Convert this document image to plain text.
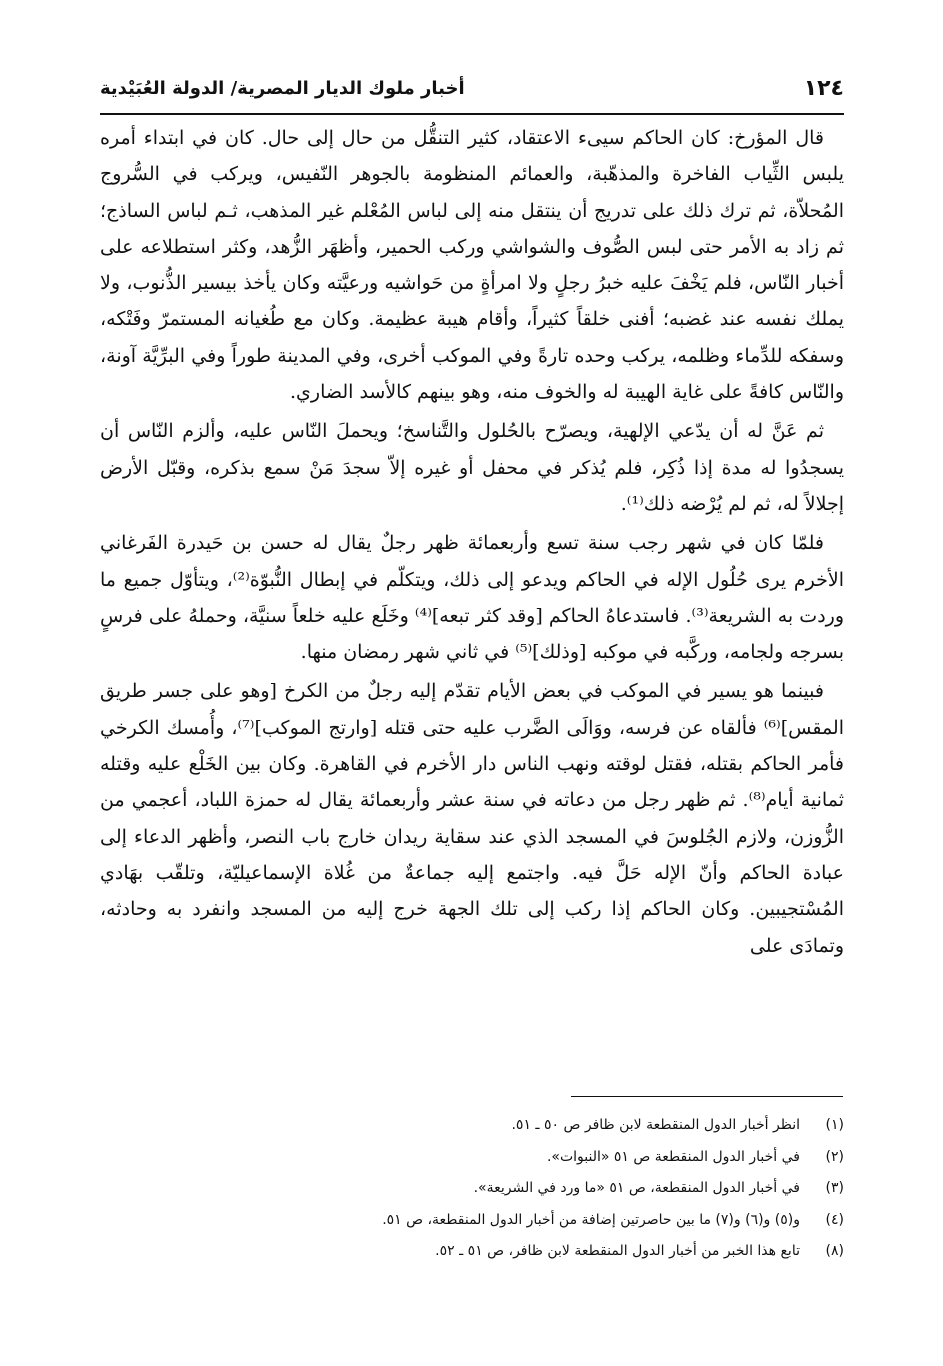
١٢٤
أخبار ملوك الديار المصرية/ الدولة العُبَيْدية

قال المؤرخ: كان الحاكم سيىء الاعتقاد، كثير التنقُّل من حال إلى حال. كان في ابتداء أمره يلبس الثِّياب الفاخرة والمذهّبة، والعمائم المنظومة بالجوهر النّفيس، ويركب في السُّروج المُحلاّة، ثم ترك ذلك على تدريج أن ينتقل منه إلى لباس المُعْلم غير المذهب، ثـم لباس الساذج؛ ثم زاد به الأمر حتى لبس الصُّوف والشواشي وركب الحمير، وأظهَر الزُّهد، وكثر استطلاعه على أخبار النّاس، فلم يَخْفَ عليه خبرُ رجلٍ ولا امرأةٍ من حَواشيه ورعيَّته وكان يأخذ بيسير الذُّنوب، ولا يملك نفسه عند غضبه؛ أفنى خلقاً كثيراً، وأقام هيبة عظيمة. وكان مع طُغيانه المستمرّ وفَتْكه، وسفكه للدِّماء وظلمه، يركب وحده تارةً وفي الموكب أخرى، وفي المدينة طوراً وفي البرِّيَّة آونة، والنّاس كافةً على غاية الهيبة له والخوف منه، وهو بينهم كالأسد الضاري.

ثم عَنَّ له أن يدّعي الإلهية، ويصرّح بالحُلول والتَّناسخ؛ ويحملَ النّاس عليه، وألزم النّاس أن يسجدُوا له مدة إذا ذُكِر، فلم يُذكر في محفل أو غيره إلاّ سجدَ مَنْ سمع بذكره، وقبّل الأرض إجلالاً له، ثم لم يُرْضه ذلك⁽¹⁾.

فلمّا كان في شهر رجب سنة تسع وأربعمائة ظهر رجلٌ يقال له حسن بن حَيدرة الفَرغاني الأخرم يرى حُلُول الإله في الحاكم ويدعو إلى ذلك، ويتكلّم في إبطال النُّبوّة⁽²⁾، ويتأوّل جميع ما وردت به الشريعة⁽³⁾. فاستدعاهُ الحاكم [وقد كثر تبعه]⁽⁴⁾ وخَلَع عليه خلعاً سنيَّة، وحملهُ على فرسٍ بسرجه ولجامه، وركَّبه في موكبه [وذلك]⁽⁵⁾ في ثاني شهر رمضان منها.

فبينما هو يسير في الموكب في بعض الأيام تقدّم إليه رجلٌ من الكرخ [وهو على جسر طريق المقس]⁽⁶⁾ فألقاه عن فرسه، ووَالَى الضَّرب عليه حتى قتله [وارتج الموكب]⁽⁷⁾، وأُمسك الكرخي فأمر الحاكم بقتله، فقتل لوقته ونهب الناس دار الأخرم في القاهرة. وكان بين الخَلْع عليه وقتله ثمانية أيام⁽⁸⁾. ثم ظهر رجل من دعاته في سنة عشر وأربعمائة يقال له حمزة اللباد، أعجمي من الزُّوزن، ولازم الجُلوسَ في المسجد الذي عند سقاية ريدان خارج باب النصر، وأظهر الدعاء إلى عبادة الحاكم وأنّ الإله حَلَّ فيه. واجتمع إليه جماعةٌ من غُلاة الإسماعيليّة، وتلقّب بهَادي المُسْتجيبين. وكان الحاكم إذا ركب إلى تلك الجهة خرج إليه من المسجد وانفرد به وحادثه، وتمادَى على

(١)
انظر أخبار الدول المنقطعة لابن ظافر ص ٥٠ ـ ٥١.
(٢)
في أخبار الدول المنقطعة ص ٥١ «النبوات».
(٣)
في أخبار الدول المنقطعة، ص ٥١ «ما ورد في الشريعة».
(٤)
و(٥) و(٦) و(٧) ما بين حاصرتين إضافة من أخبار الدول المنقطعة، ص ٥١.
(٨)
تابع هذا الخبر من أخبار الدول المنقطعة لابن ظافر، ص ٥١ ـ ٥٢.
